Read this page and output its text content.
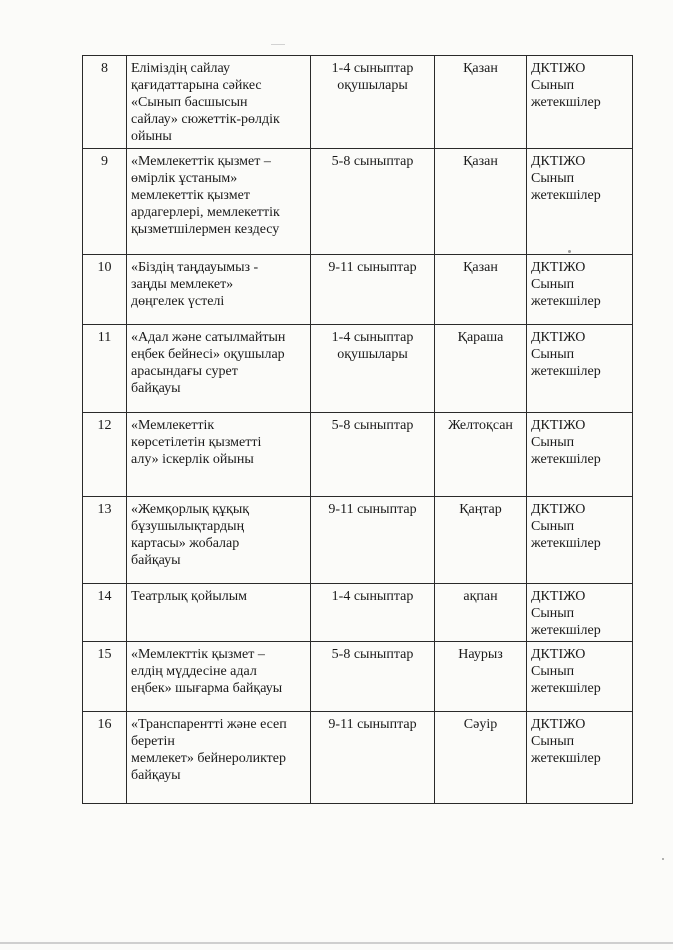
8	Еліміздің сайлау
қағидаттарына сәйкес
«Сынып басшысын
сайлау» сюжеттік-рөлдік
ойыны	1-4 сыныптар
оқушылары	Қазан	ДКТІЖО
Сынып
жетекшілер

9	«Мемлекеттік қызмет –
өмірлік ұстаным»
мемлекеттік қызмет
ардагерлері, мемлекеттік
қызметшілермен кездесу	5-8 сыныптар	Қазан	ДКТІЖО
Сынып
жетекшілер

10	«Біздің таңдауымыз -
заңды мемлекет»
дөңгелек үстелі	9-11 сыныптар	Қазан	ДКТІЖО
Сынып
жетекшілер

11	«Адал және сатылмайтын
еңбек бейнесі» оқушылар
арасындағы сурет
байқауы	1-4 сыныптар
оқушылары	Қараша	ДКТІЖО
Сынып
жетекшілер

12	«Мемлекеттік
көрсетілетін қызметті
алу» іскерлік ойыны	5-8 сыныптар	Желтоқсан	ДКТІЖО
Сынып
жетекшілер

13	«Жемқорлық құқық
бұзушылықтардың
картасы» жобалар
байқауы	9-11 сыныптар	Қаңтар	ДКТІЖО
Сынып
жетекшілер

14	Театрлық қойылым	1-4 сыныптар	ақпан	ДКТІЖО
Сынып
жетекшілер

15	«Мемлекттік қызмет –
елдің мүддесіне адал
еңбек» шығарма байқауы	5-8 сыныптар	Наурыз	ДКТІЖО
Сынып
жетекшілер

16	«Транспарентті және есеп
беретін
мемлекет» бейнероликтер
байқауы	9-11 сыныптар	Сәуір	ДКТІЖО
Сынып
жетекшілер
